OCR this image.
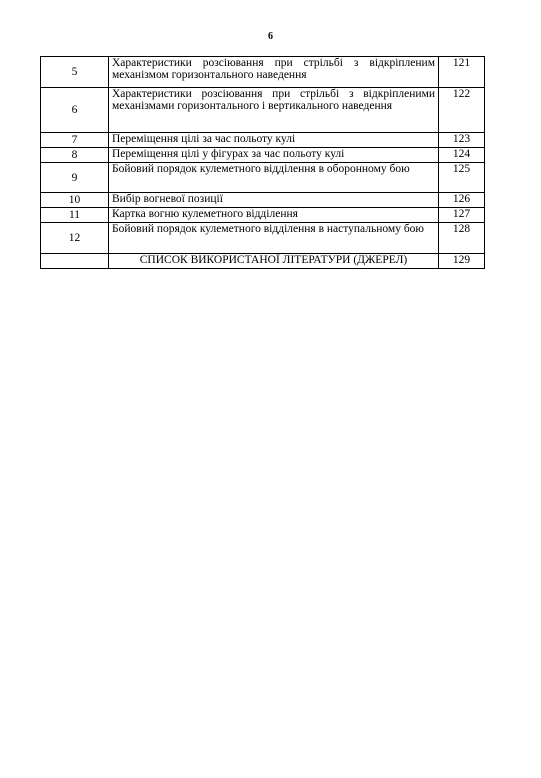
6
5	Характеристики розсіювання при стрільбі з відкріпленим механізмом горизонтального наведення	121
6	Характеристики розсіювання при стрільбі з відкріпленими механізмами горизонтального і вертикального наведення	122
7	Переміщення цілі за час польоту кулі	123
8	Переміщення цілі у фігурах за час польоту кулі	124
9	Бойовий порядок кулеметного відділення в оборонному бою	125
10	Вибір вогневої позиції	126
11	Картка вогню кулеметного відділення	127
12	Бойовий порядок кулеметного відділення в наступальному бою	128
	СПИСОК ВИКОРИСТАНОЇ ЛІТЕРАТУРИ (ДЖЕРЕЛ)	129
